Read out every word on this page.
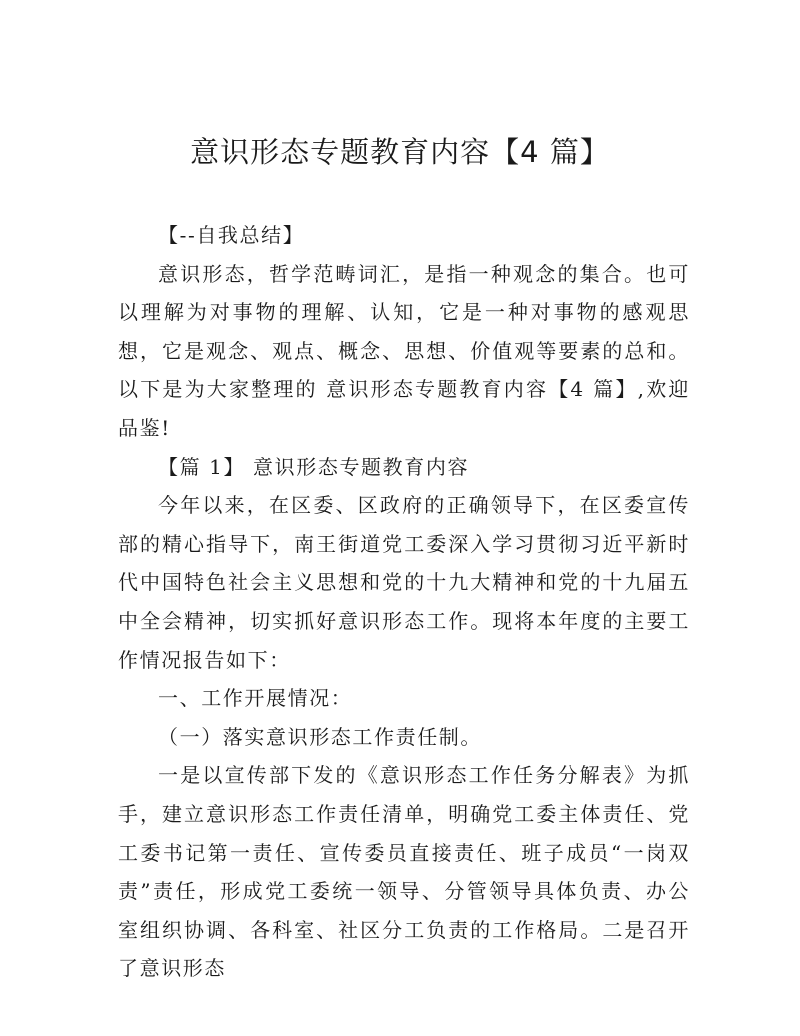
意识形态专题教育内容【4 篇】

【--自我总结】

意识形态，哲学范畴词汇，是指一种观念的集合。也可以理解为对事物的理解、认知，它是一种对事物的感观思想，它是观念、观点、概念、思想、价值观等要素的总和。以下是为大家整理的 意识形态专题教育内容【4 篇】,欢迎品鉴!

【篇 1】 意识形态专题教育内容

今年以来，在区委、区政府的正确领导下，在区委宣传部的精心指导下，南王街道党工委深入学习贯彻习近平新时代中国特色社会主义思想和党的十九大精神和党的十九届五中全会精神，切实抓好意识形态工作。现将本年度的主要工作情况报告如下：

一、工作开展情况：

（一）落实意识形态工作责任制。

一是以宣传部下发的《意识形态工作任务分解表》为抓手，建立意识形态工作责任清单，明确党工委主体责任、党工委书记第一责任、宣传委员直接责任、班子成员“一岗双责”责任，形成党工委统一领导、分管领导具体负责、办公室组织协调、各科室、社区分工负责的工作格局。二是召开了意识形态
